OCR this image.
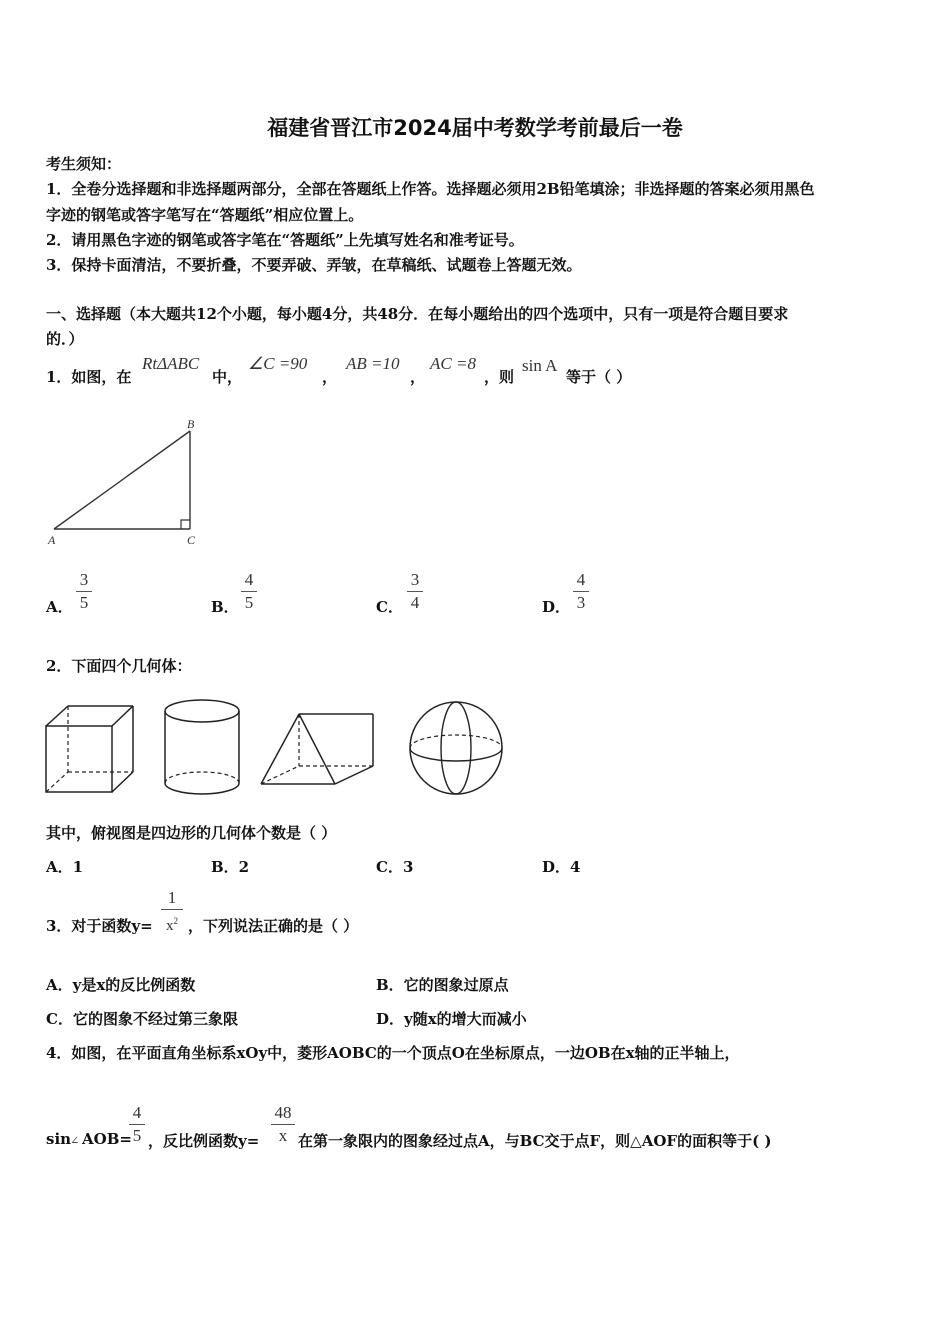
福建省晋江市2024届中考数学考前最后一卷
考生须知：
1．全卷分选择题和非选择题两部分，全部在答题纸上作答。选择题必须用2B铅笔填涂；非选择题的答案必须用黑色
字迹的钢笔或答字笔写在“答题纸”相应位置上。
2．请用黑色字迹的钢笔或答字笔在“答题纸”上先填写姓名和准考证号。
3．保持卡面清洁，不要折叠，不要弄破、弄皱，在草稿纸、试题卷上答题无效。
一、选择题（本大题共12个小题，每小题4分，共48分．在每小题给出的四个选项中，只有一项是符合题目要求
的．）
1．如图，在
RtΔABC
中，
∠C =90
，
AB =10
，
AC =8
，则
sin A
等于（ ）
B
A	C
A．
3
5	B．
4
5	C．
3
4	D．
4
3
2．下面四个几何体：
其中，俯视图是四边形的几何体个数是（ ）
A．1	B．2	C．3	D．4
3．对于函数y=
1
$x^2$ ，下列说法正确的是（ ）
A．y是x的反比例函数	B．它的图象过原点
C．它的图象不经过第三象限	D．y随x的增大而减小
4．如图，在平面直角坐标系xOy中，菱形AOBC的一个顶点O在坐标原点，一边OB在x轴的正半轴上，
sin
∠ AOB=
4
5 ，反比例函数y=
48
x 在第一象限内的图象经过点A，与BC交于点F，则△AOF的面积等于( )
